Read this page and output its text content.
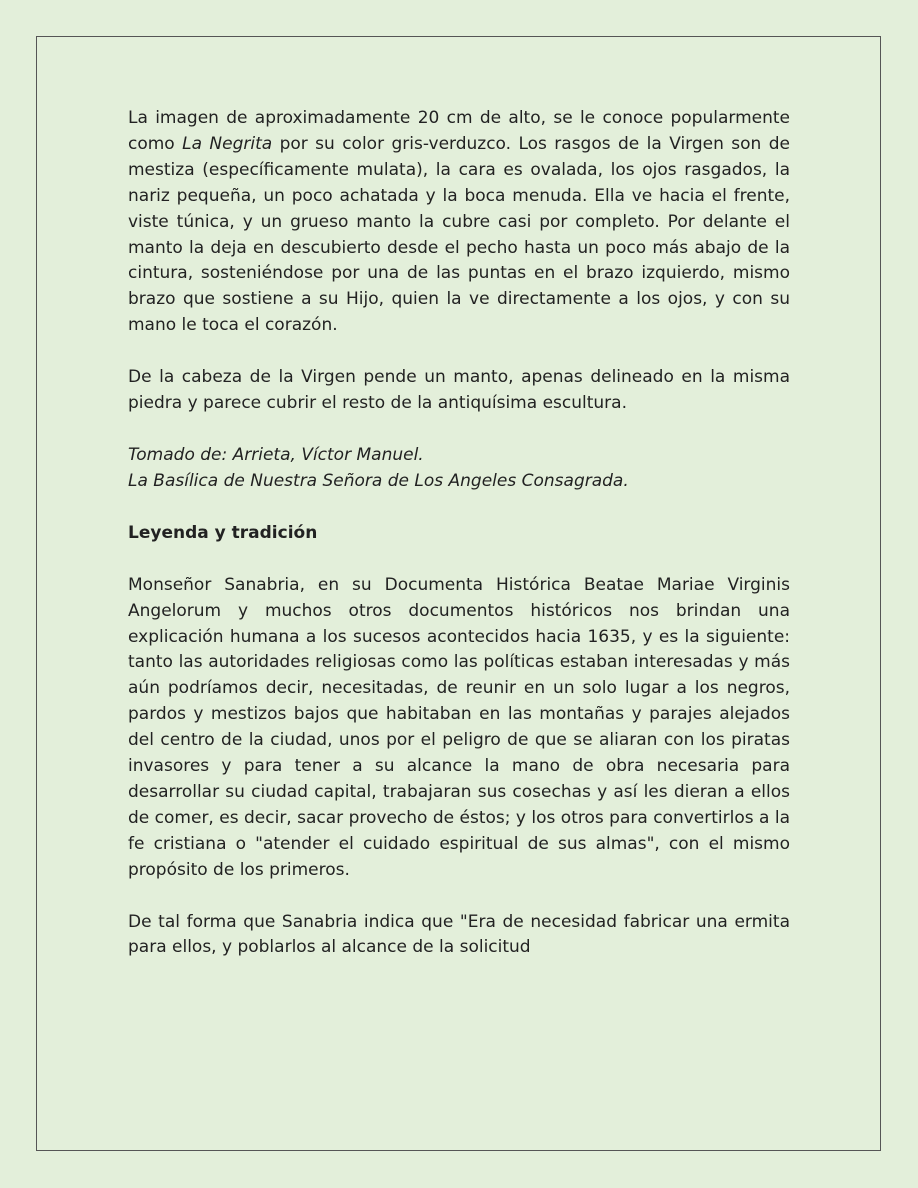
La imagen de aproximadamente 20 cm de alto, se le conoce popularmente como La Negrita por su color gris-verduzco. Los rasgos de la Virgen son de mestiza (específicamente mulata), la cara es ovalada, los ojos rasgados, la nariz pequeña, un poco achatada y la boca menuda. Ella ve hacia el frente, viste túnica, y un grueso manto la cubre casi por completo. Por delante el manto la deja en descubierto desde el pecho hasta un poco más abajo de la cintura, sosteniéndose por una de las puntas en el brazo izquierdo, mismo brazo que sostiene a su Hijo, quien la ve directamente a los ojos, y con su mano le toca el corazón.

De la cabeza de la Virgen pende un manto, apenas delineado en la misma piedra y parece cubrir el resto de la antiquísima escultura.

Tomado de: Arrieta, Víctor Manuel.
La Basílica de Nuestra Señora de Los Angeles Consagrada.

Leyenda y tradición

Monseñor Sanabria, en su Documenta Histórica Beatae Mariae Virginis Angelorum y muchos otros documentos históricos nos brindan una explicación humana a los sucesos acontecidos hacia 1635, y es la siguiente: tanto las autoridades religiosas como las políticas estaban interesadas y más aún podríamos decir, necesitadas, de reunir en un solo lugar a los negros, pardos y mestizos bajos que habitaban en las montañas y parajes alejados del centro de la ciudad, unos por el peligro de que se aliaran con los piratas invasores y para tener a su alcance la mano de obra necesaria para desarrollar su ciudad capital, trabajaran sus cosechas y así les dieran a ellos de comer, es decir, sacar provecho de éstos; y los otros para convertirlos a la fe cristiana o "atender el cuidado espiritual de sus almas", con el mismo propósito de los primeros.

De tal forma que Sanabria indica que "Era de necesidad fabricar una ermita para ellos, y poblarlos al alcance de la solicitud
